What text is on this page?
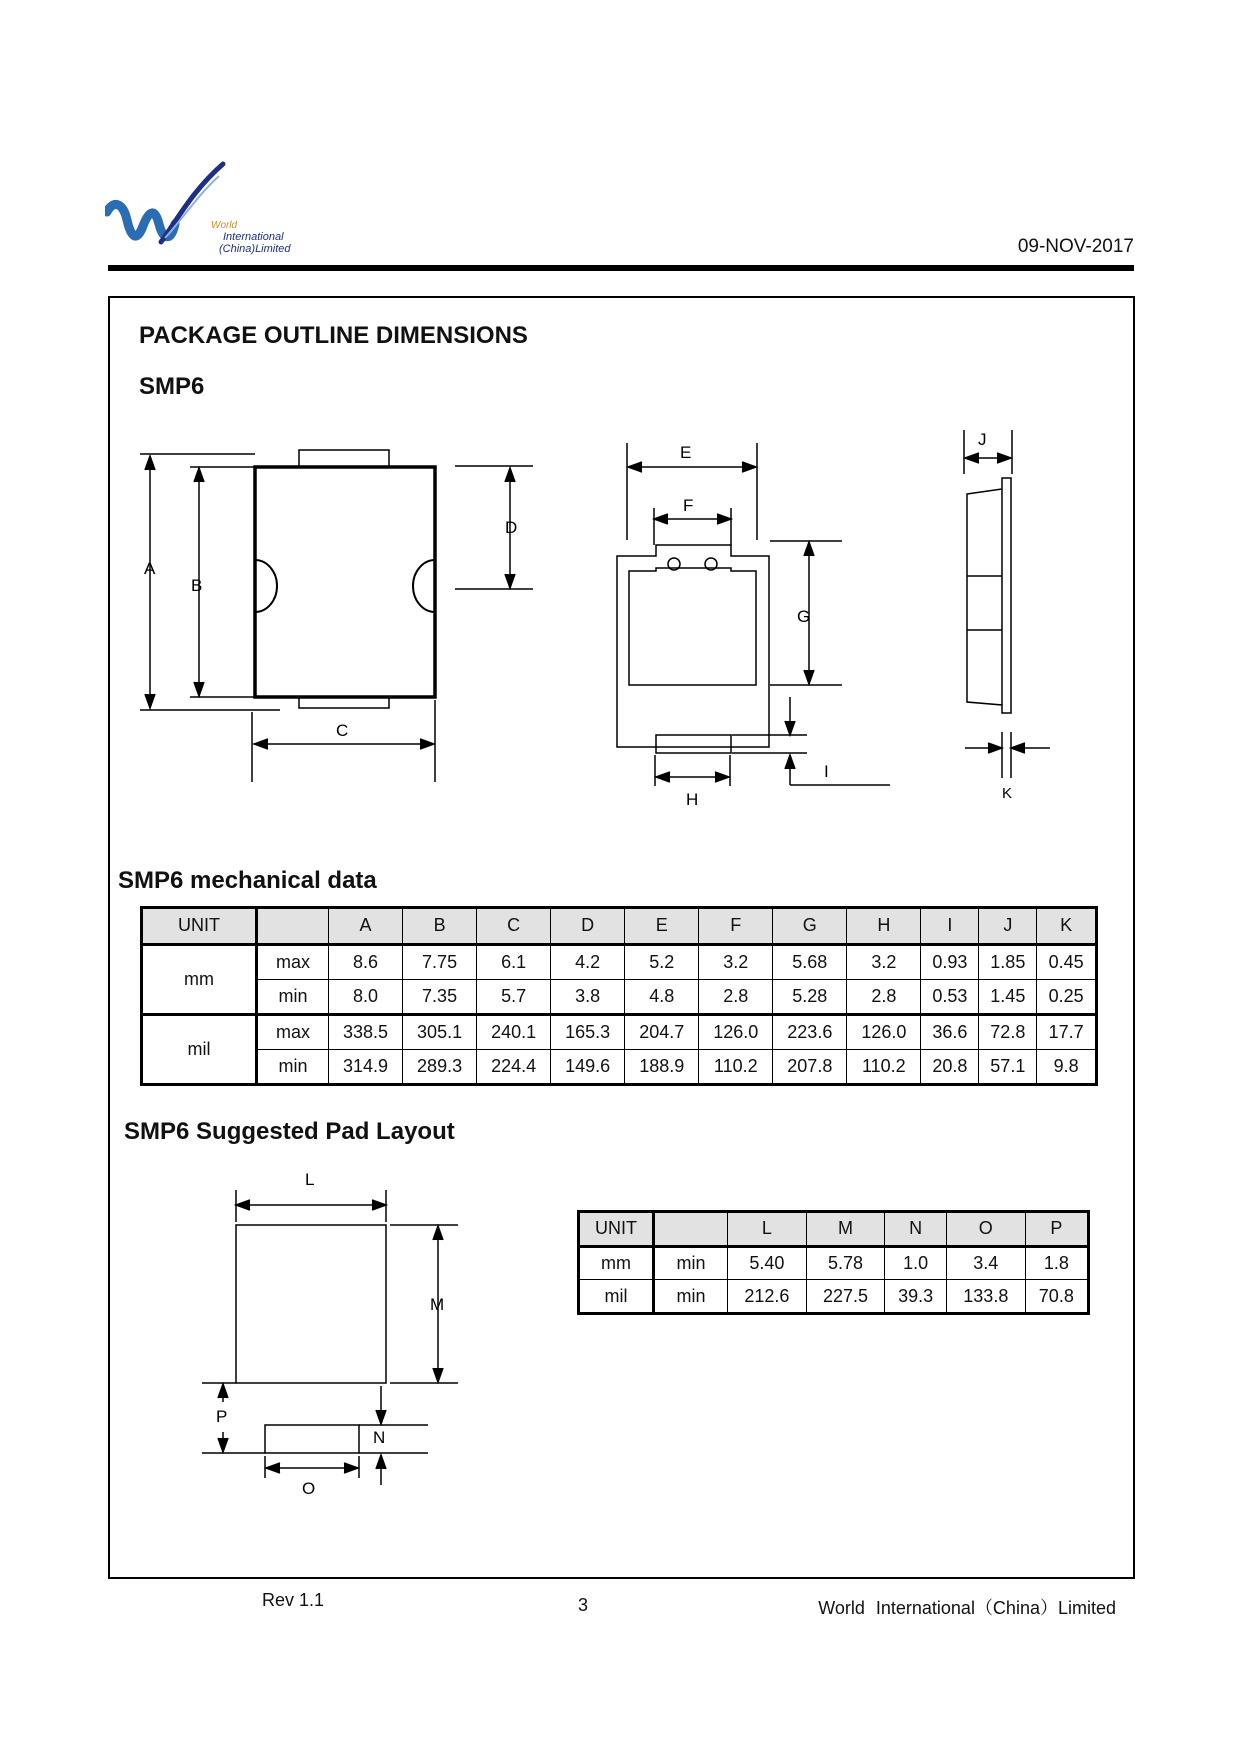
World
International
(China)Limited	09-NOV-2017
PACKAGE OUTLINE DIMENSIONS
SMP6
A
B
C
D
E
F
G
H
I
J
K
SMP6 mechanical data
UNIT		A	B	C	D	E	F	G	H	I	J	K
mm	max	8.6	7.75	6.1	4.2	5.2	3.2	5.68	3.2	0.93	1.85	0.45
	min	8.0	7.35	5.7	3.8	4.8	2.8	5.28	2.8	0.53	1.45	0.25
mil	max	338.5	305.1	240.1	165.3	204.7	126.0	223.6	126.0	36.6	72.8	17.7
	min	314.9	289.3	224.4	149.6	188.9	110.2	207.8	110.2	20.8	57.1	9.8
SMP6 Suggested Pad Layout
L
M
P
N
O
UNIT		L	M	N	O	P
mm	min	5.40	5.78	1.0	3.4	1.8
mil	min	212.6	227.5	39.3	133.8	70.8
Rev 1.1	3	World International（China）Limited
